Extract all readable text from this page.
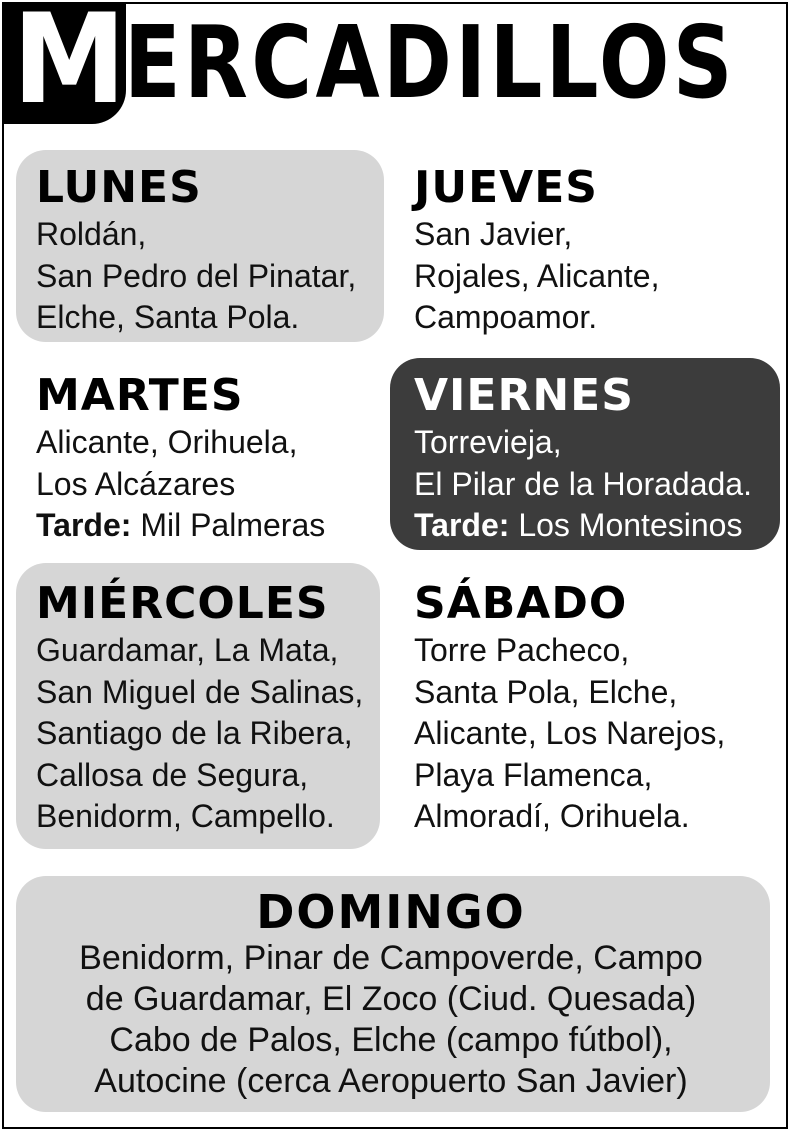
M
ERCADILLOS
LUNES
Roldán,
San Pedro del Pinatar,
Elche, Santa Pola.
JUEVES
San Javier,
Rojales, Alicante,
Campoamor.
MARTES
Alicante, Orihuela,
Los Alcázares
Tarde: Mil Palmeras
VIERNES
Torrevieja,
El Pilar de la Horadada.
Tarde: Los Montesinos
MIÉRCOLES
Guardamar, La Mata,
San Miguel de Salinas,
Santiago de la Ribera,
Callosa de Segura,
Benidorm, Campello.
SÁBADO
Torre Pacheco,
Santa Pola, Elche,
Alicante, Los Narejos,
Playa Flamenca,
Almoradí, Orihuela.
DOMINGO
Benidorm, Pinar de Campoverde, Campo
de Guardamar, El Zoco (Ciud. Quesada)
Cabo de Palos, Elche (campo fútbol),
Autocine (cerca Aeropuerto San Javier)
